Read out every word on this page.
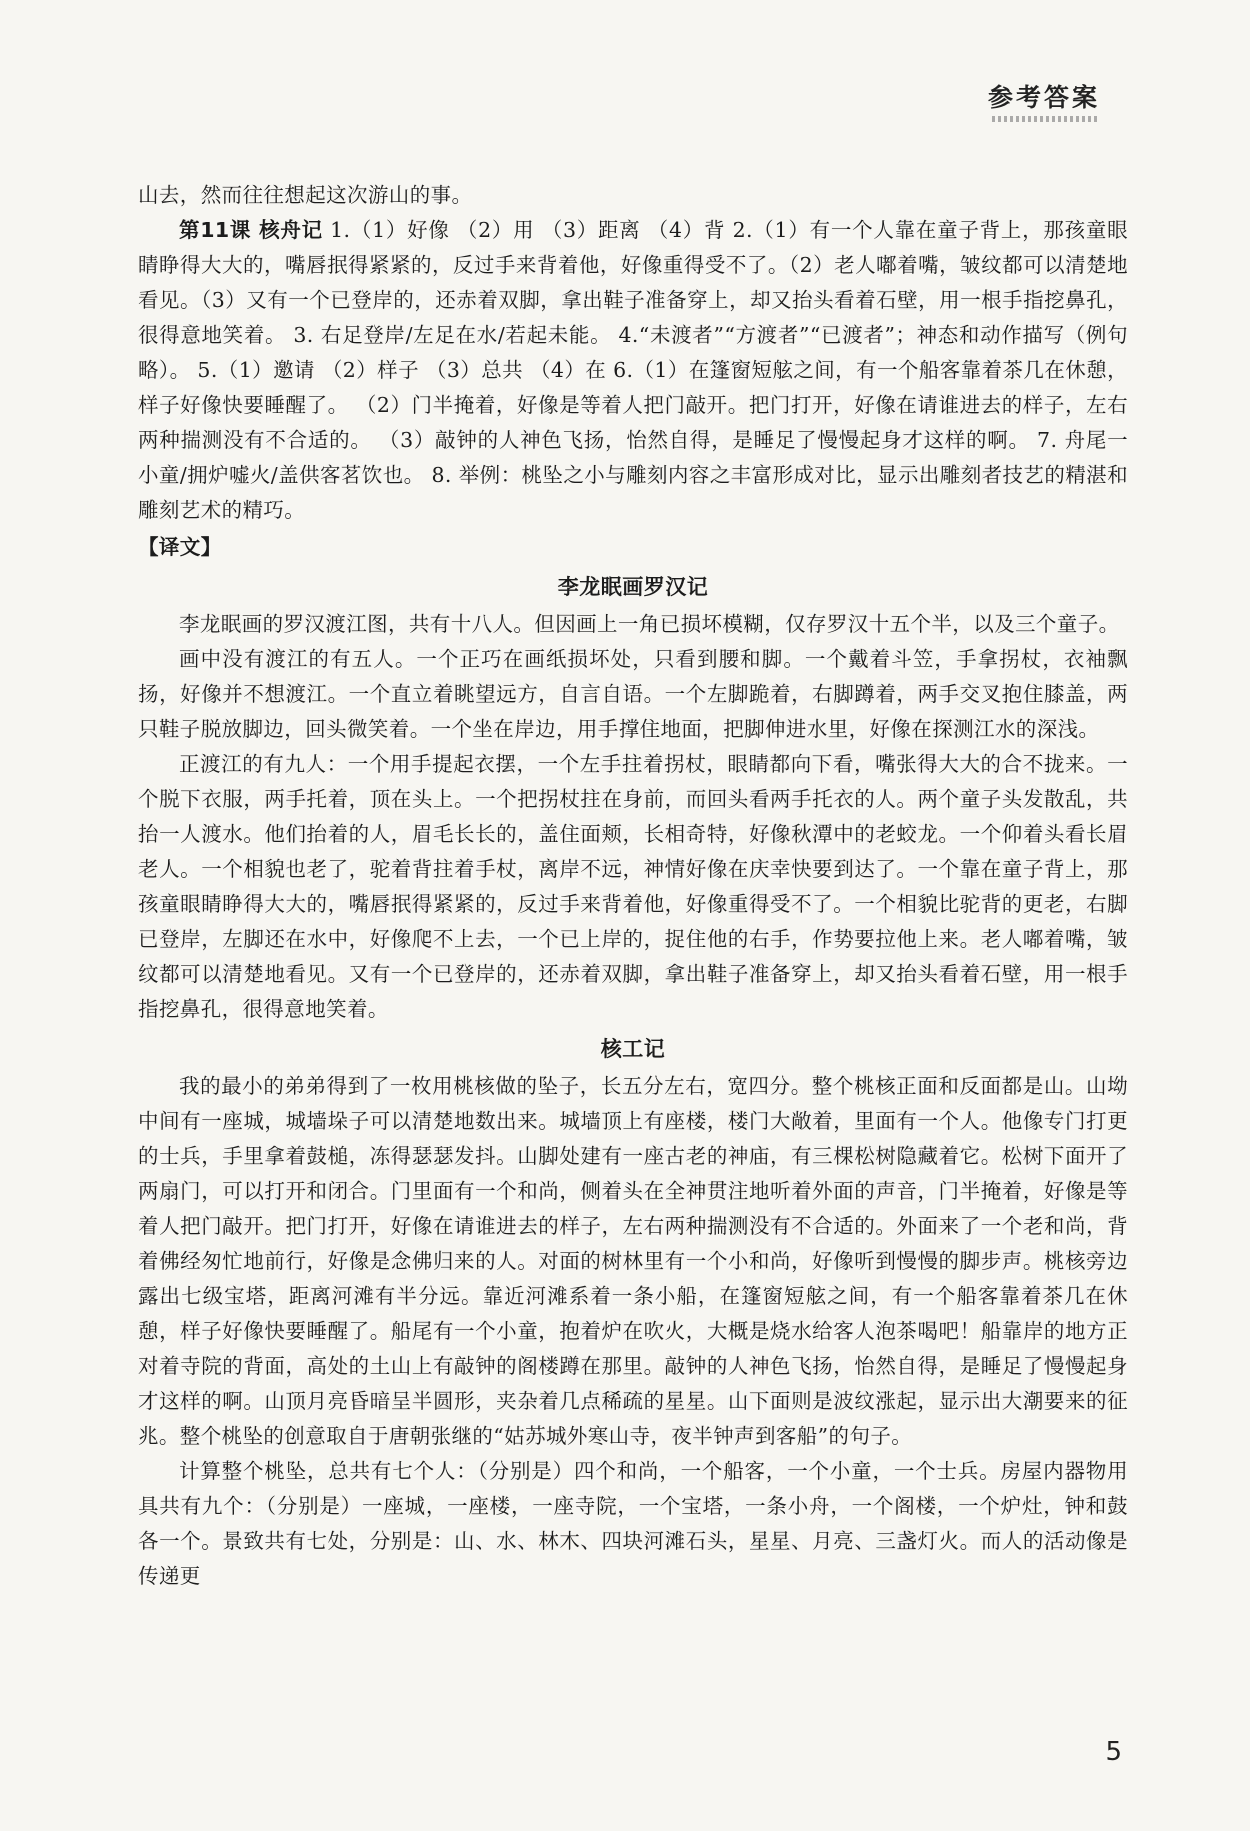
参考答案

山去，然而往往想起这次游山的事。

第11课 核舟记 1.（1）好像 （2）用 （3）距离 （4）背 2.（1）有一个人靠在童子背上，那孩童眼睛睁得大大的，嘴唇抿得紧紧的，反过手来背着他，好像重得受不了。（2）老人嘟着嘴，皱纹都可以清楚地看见。（3）又有一个已登岸的，还赤着双脚，拿出鞋子准备穿上，却又抬头看着石壁，用一根手指挖鼻孔，很得意地笑着。 3. 右足登岸/左足在水/若起未能。 4.“未渡者”“方渡者”“已渡者”；神态和动作描写（例句略）。 5.（1）邀请 （2）样子 （3）总共 （4）在 6.（1）在篷窗短舷之间，有一个船客靠着茶几在休憩，样子好像快要睡醒了。 （2）门半掩着，好像是等着人把门敲开。把门打开，好像在请谁进去的样子，左右两种揣测没有不合适的。 （3）敲钟的人神色飞扬，怡然自得，是睡足了慢慢起身才这样的啊。 7. 舟尾一小童/拥炉嘘火/盖供客茗饮也。 8. 举例：桃坠之小与雕刻内容之丰富形成对比，显示出雕刻者技艺的精湛和雕刻艺术的精巧。

【译文】

李龙眠画罗汉记

李龙眠画的罗汉渡江图，共有十八人。但因画上一角已损坏模糊，仅存罗汉十五个半，以及三个童子。

画中没有渡江的有五人。一个正巧在画纸损坏处，只看到腰和脚。一个戴着斗笠，手拿拐杖，衣袖飘扬，好像并不想渡江。一个直立着眺望远方，自言自语。一个左脚跪着，右脚蹲着，两手交叉抱住膝盖，两只鞋子脱放脚边，回头微笑着。一个坐在岸边，用手撑住地面，把脚伸进水里，好像在探测江水的深浅。

正渡江的有九人：一个用手提起衣摆，一个左手拄着拐杖，眼睛都向下看，嘴张得大大的合不拢来。一个脱下衣服，两手托着，顶在头上。一个把拐杖拄在身前，而回头看两手托衣的人。两个童子头发散乱，共抬一人渡水。他们抬着的人，眉毛长长的，盖住面颊，长相奇特，好像秋潭中的老蛟龙。一个仰着头看长眉老人。一个相貌也老了，驼着背拄着手杖，离岸不远，神情好像在庆幸快要到达了。一个靠在童子背上，那孩童眼睛睁得大大的，嘴唇抿得紧紧的，反过手来背着他，好像重得受不了。一个相貌比驼背的更老，右脚已登岸，左脚还在水中，好像爬不上去，一个已上岸的，捉住他的右手，作势要拉他上来。老人嘟着嘴，皱纹都可以清楚地看见。又有一个已登岸的，还赤着双脚，拿出鞋子准备穿上，却又抬头看着石壁，用一根手指挖鼻孔，很得意地笑着。

核工记

我的最小的弟弟得到了一枚用桃核做的坠子，长五分左右，宽四分。整个桃核正面和反面都是山。山坳中间有一座城，城墙垛子可以清楚地数出来。城墙顶上有座楼，楼门大敞着，里面有一个人。他像专门打更的士兵，手里拿着鼓槌，冻得瑟瑟发抖。山脚处建有一座古老的神庙，有三棵松树隐藏着它。松树下面开了两扇门，可以打开和闭合。门里面有一个和尚，侧着头在全神贯注地听着外面的声音，门半掩着，好像是等着人把门敲开。把门打开，好像在请谁进去的样子，左右两种揣测没有不合适的。外面来了一个老和尚，背着佛经匆忙地前行，好像是念佛归来的人。对面的树林里有一个小和尚，好像听到慢慢的脚步声。桃核旁边露出七级宝塔，距离河滩有半分远。靠近河滩系着一条小船，在篷窗短舷之间，有一个船客靠着茶几在休憩，样子好像快要睡醒了。船尾有一个小童，抱着炉在吹火，大概是烧水给客人泡茶喝吧！船靠岸的地方正对着寺院的背面，高处的土山上有敲钟的阁楼蹲在那里。敲钟的人神色飞扬，怡然自得，是睡足了慢慢起身才这样的啊。山顶月亮昏暗呈半圆形，夹杂着几点稀疏的星星。山下面则是波纹涨起，显示出大潮要来的征兆。整个桃坠的创意取自于唐朝张继的“姑苏城外寒山寺，夜半钟声到客船”的句子。

计算整个桃坠，总共有七个人：（分别是）四个和尚，一个船客，一个小童，一个士兵。房屋内器物用具共有九个：（分别是）一座城，一座楼，一座寺院，一个宝塔，一条小舟，一个阁楼，一个炉灶，钟和鼓各一个。景致共有七处，分别是：山、水、林木、四块河滩石头，星星、月亮、三盏灯火。而人的活动像是传递更

5
